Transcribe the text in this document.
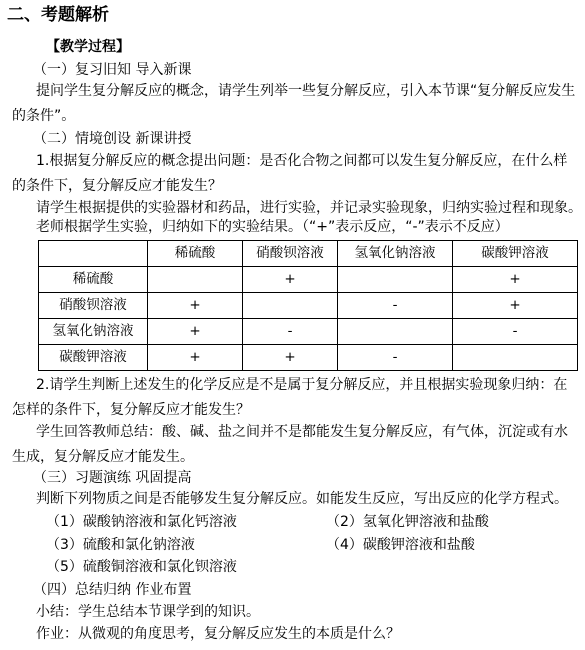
二、考题解析
【教学过程】
（一）复习旧知 导入新课
提问学生复分解反应的概念，请学生列举一些复分解反应，引入本节课“复分解反应发生的条件”。
（二）情境创设 新课讲授
1.根据复分解反应的概念提出问题：是否化合物之间都可以发生复分解反应，在什么样的条件下，复分解反应才能发生？
请学生根据提供的实验器材和药品，进行实验，并记录实验现象，归纳实验过程和现象。
老师根据学生实验，归纳如下的实验结果。（“+”表示反应，“-”表示不反应）
	稀硫酸	硝酸钡溶液	氢氧化钠溶液	碳酸钾溶液
稀硫酸		+		+
硝酸钡溶液	+		-	+
氢氧化钠溶液	+	-		-
碳酸钾溶液	+	+	-	
2.请学生判断上述发生的化学反应是不是属于复分解反应，并且根据实验现象归纳：在怎样的条件下，复分解反应才能发生？
学生回答教师总结：酸、碱、盐之间并不是都能发生复分解反应，有气体，沉淀或有水生成，复分解反应才能发生。
（三）习题演练 巩固提高
判断下列物质之间是否能够发生复分解反应。如能发生反应，写出反应的化学方程式。
（1）碳酸钠溶液和氯化钙溶液	（2）氢氧化钾溶液和盐酸
（3）硫酸和氯化钠溶液	（4）碳酸钾溶液和盐酸
（5）硫酸铜溶液和氯化钡溶液
（四）总结归纳 作业布置
小结：学生总结本节课学到的知识。
作业：从微观的角度思考，复分解反应发生的本质是什么？
